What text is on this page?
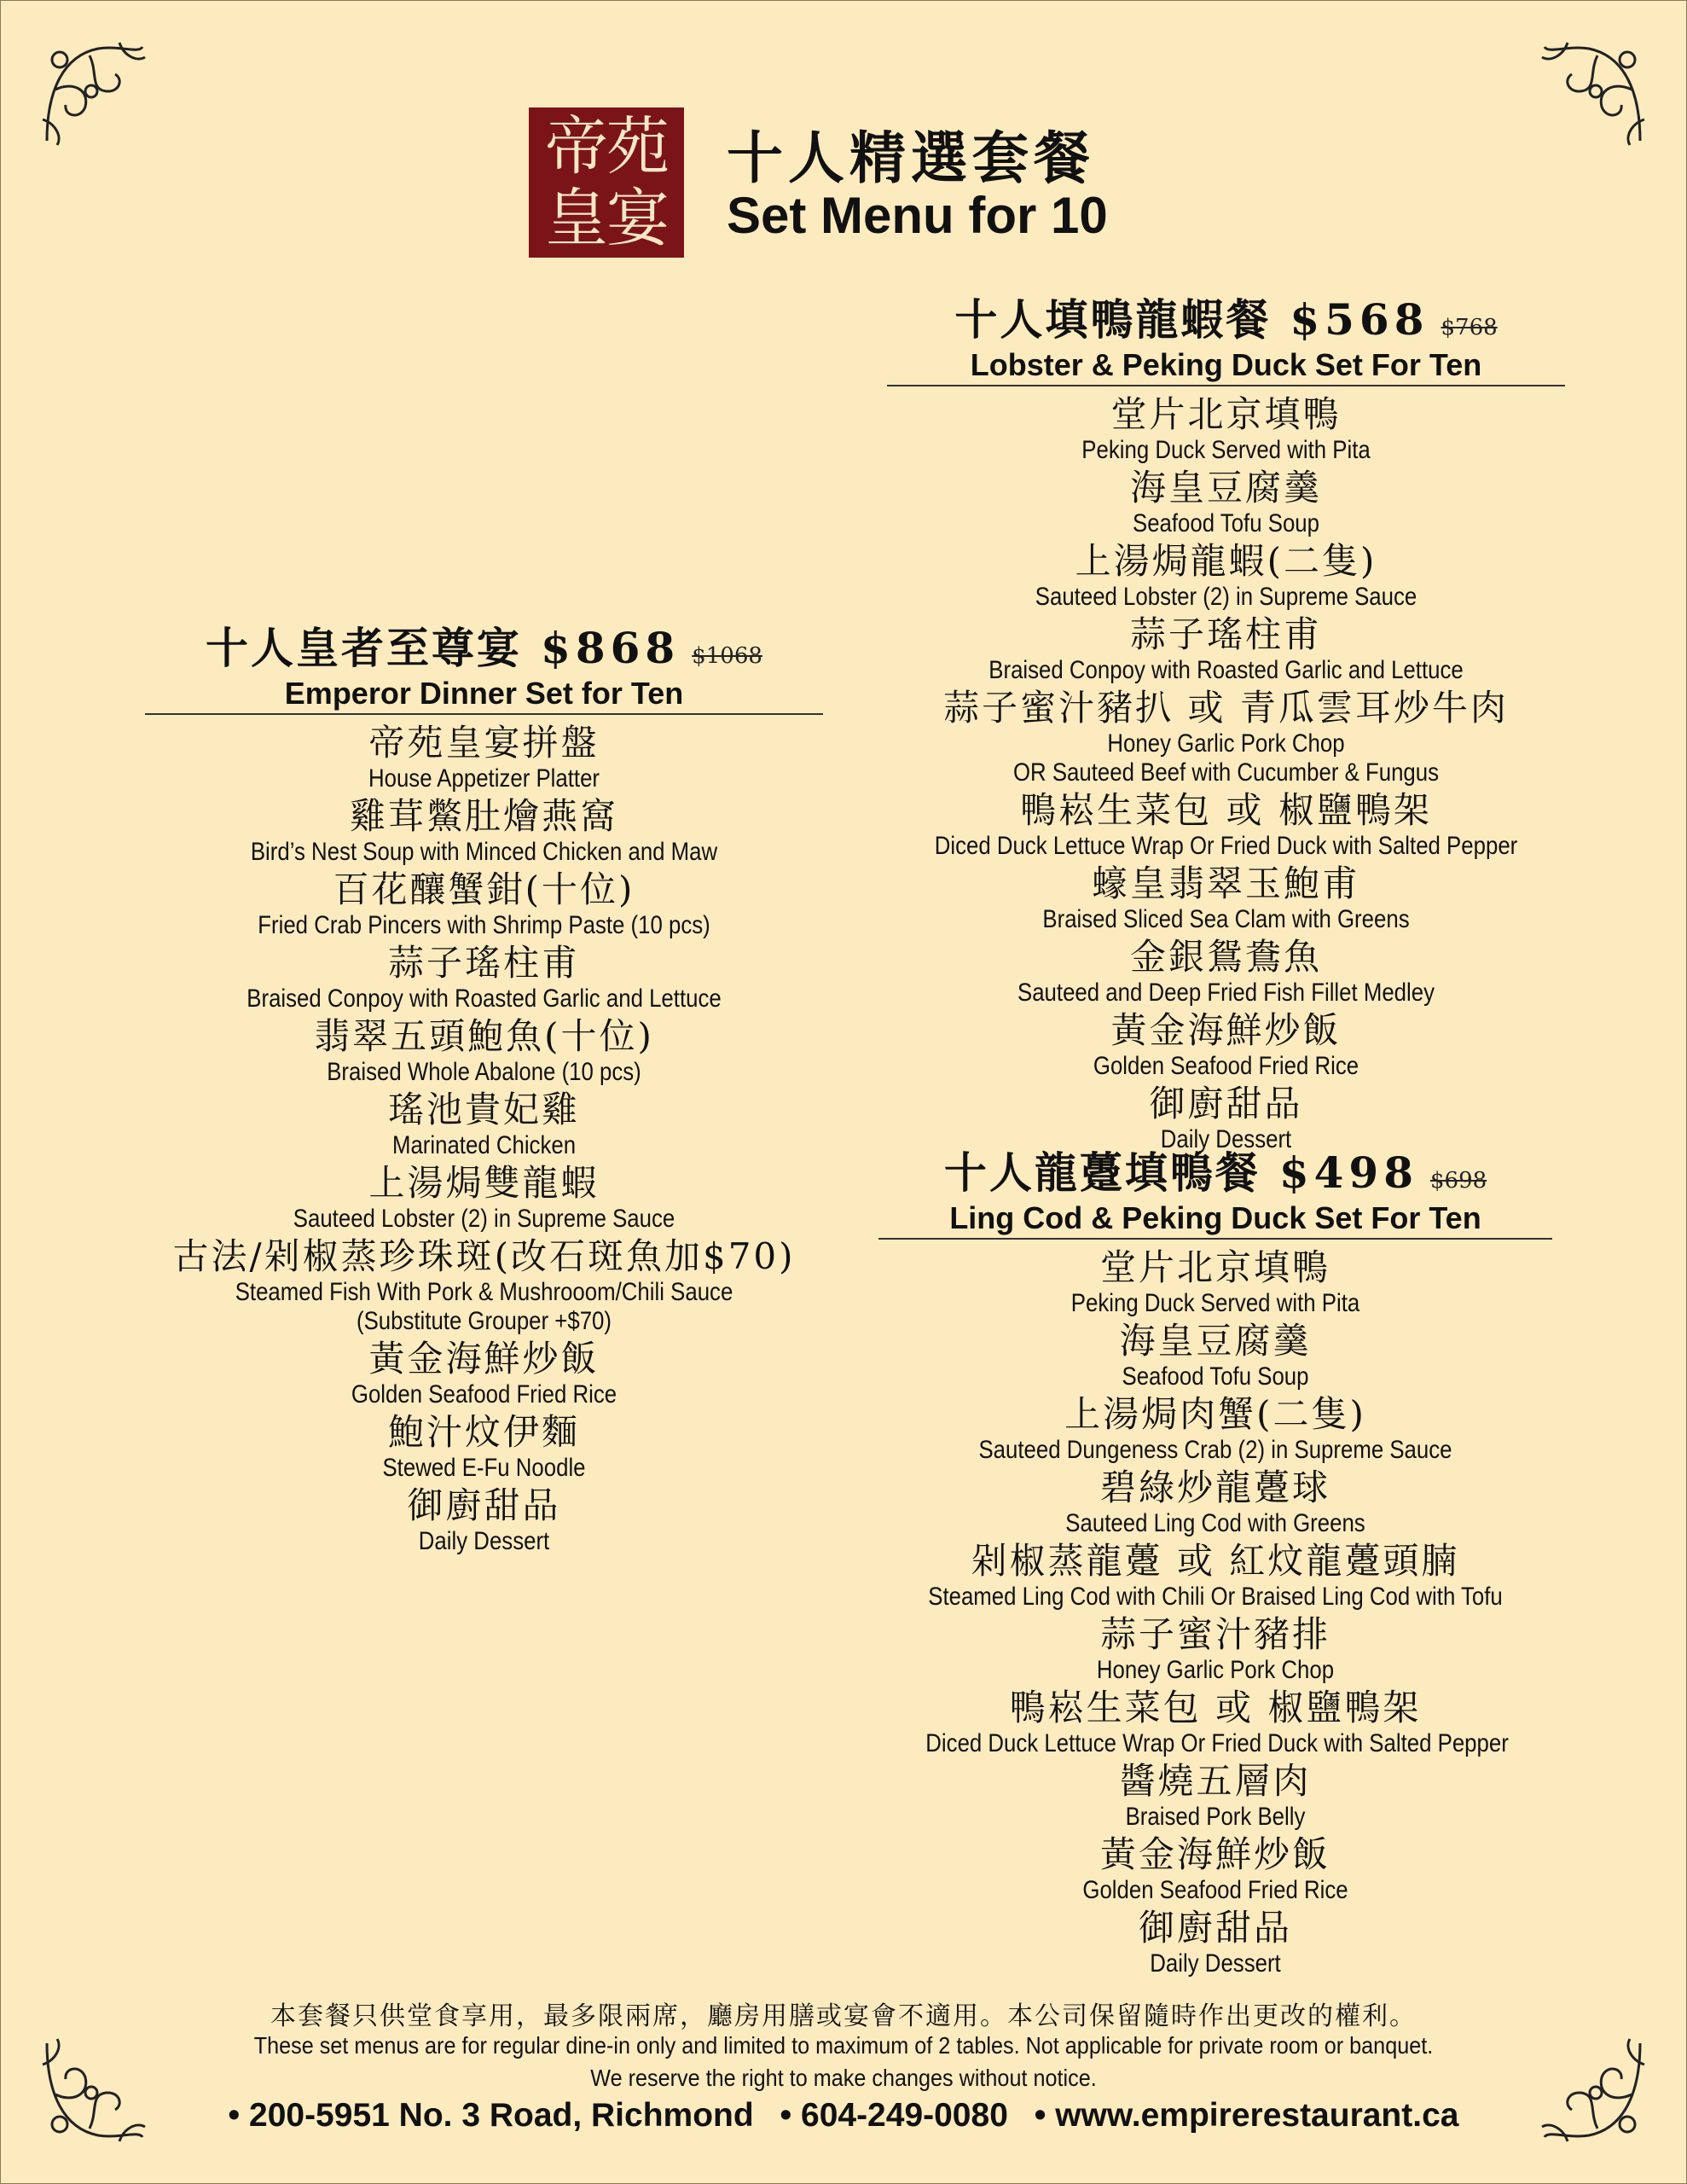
帝苑
皇宴
十人精選套餐
Set Menu for 10
十人皇者至尊宴 $868 $1068
Emperor Dinner Set for Ten
帝苑皇宴拼盤
House Appetizer Platter
雞茸鱉肚燴燕窩
Bird’s Nest Soup with Minced Chicken and Maw
百花釀蟹鉗(十位)
Fried Crab Pincers with Shrimp Paste (10 pcs)
蒜子瑤柱甫
Braised Conpoy with Roasted Garlic and Lettuce
翡翠五頭鮑魚(十位)
Braised Whole Abalone (10 pcs)
瑤池貴妃雞
Marinated Chicken
上湯焗雙龍蝦
Sauteed Lobster (2) in Supreme Sauce
古法/剁椒蒸珍珠斑(改石斑魚加$70)
Steamed Fish With Pork & Mushrooom/Chili Sauce
(Substitute Grouper +$70)
黃金海鮮炒飯
Golden Seafood Fried Rice
鮑汁炆伊麵
Stewed E-Fu Noodle
御廚甜品
Daily Dessert
十人填鴨龍蝦餐 $568 $768
Lobster & Peking Duck Set For Ten
堂片北京填鴨
Peking Duck Served with Pita
海皇豆腐羹
Seafood Tofu Soup
上湯焗龍蝦(二隻)
Sauteed Lobster (2) in Supreme Sauce
蒜子瑤柱甫
Braised Conpoy with Roasted Garlic and Lettuce
蒜子蜜汁豬扒 或 青瓜雲耳炒牛肉
Honey Garlic Pork Chop
OR Sauteed Beef with Cucumber & Fungus
鴨崧生菜包 或 椒鹽鴨架
Diced Duck Lettuce Wrap Or Fried Duck with Salted Pepper
蠔皇翡翠玉鮑甫
Braised Sliced Sea Clam with Greens
金銀鴛鴦魚
Sauteed and Deep Fried Fish Fillet Medley
黃金海鮮炒飯
Golden Seafood Fried Rice
御廚甜品
Daily Dessert
十人龍躉填鴨餐 $498 $698
Ling Cod & Peking Duck Set For Ten
堂片北京填鴨
Peking Duck Served with Pita
海皇豆腐羹
Seafood Tofu Soup
上湯焗肉蟹(二隻)
Sauteed Dungeness Crab (2) in Supreme Sauce
碧綠炒龍躉球
Sauteed Ling Cod with Greens
剁椒蒸龍躉 或 紅炆龍躉頭腩
Steamed Ling Cod with Chili Or Braised Ling Cod with Tofu
蒜子蜜汁豬排
Honey Garlic Pork Chop
鴨崧生菜包 或 椒鹽鴨架
Diced Duck Lettuce Wrap Or Fried Duck with Salted Pepper
醬燒五層肉
Braised Pork Belly
黃金海鮮炒飯
Golden Seafood Fried Rice
御廚甜品
Daily Dessert
本套餐只供堂食享用，最多限兩席，廳房用膳或宴會不適用。本公司保留隨時作出更改的權利。
These set menus are for regular dine-in only and limited to maximum of 2 tables. Not applicable for private room or banquet.
We reserve the right to make changes without notice.
• 200-5951 No. 3 Road, Richmond • 604-249-0080 • www.empirerestaurant.ca
